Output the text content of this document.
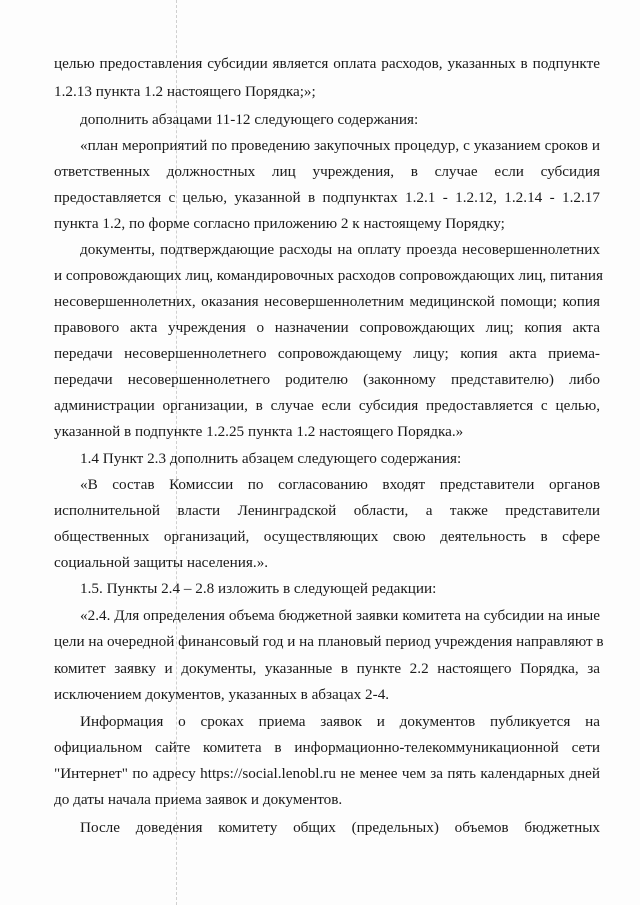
целью предоставления субсидии является оплата расходов, указанных в подпункте
1.2.13 пункта 1.2 настоящего Порядка;»;
дополнить абзацами 11-12 следующего содержания:
«план мероприятий по проведению закупочных процедур, с указанием сроков и
ответственных должностных лиц учреждения, в случае если субсидия
предоставляется с целью, указанной в подпунктах 1.2.1 - 1.2.12, 1.2.14 - 1.2.17
пункта 1.2, по форме согласно приложению 2 к настоящему Порядку;
документы, подтверждающие расходы на оплату проезда несовершеннолетних
и сопровождающих лиц, командировочных расходов сопровождающих лиц, питания
несовершеннолетних, оказания несовершеннолетним медицинской помощи; копия
правового акта учреждения о назначении сопровождающих лиц; копия акта
передачи несовершеннолетнего сопровождающему лицу; копия акта приема-
передачи несовершеннолетнего родителю (законному представителю) либо
администрации организации, в случае если субсидия предоставляется с целью,
указанной в подпункте 1.2.25 пункта 1.2 настоящего Порядка.»
1.4 Пункт 2.3 дополнить абзацем следующего содержания:
«В состав Комиссии по согласованию входят представители органов
исполнительной власти Ленинградской области, а также представители
общественных организаций, осуществляющих свою деятельность в сфере
социальной защиты населения.».
1.5. Пункты 2.4 – 2.8 изложить в следующей редакции:
«2.4. Для определения объема бюджетной заявки комитета на субсидии на иные
цели на очередной финансовый год и на плановый период учреждения направляют в
комитет заявку и документы, указанные в пункте 2.2 настоящего Порядка, за
исключением документов, указанных в абзацах 2-4.
Информация о сроках приема заявок и документов публикуется на
официальном сайте комитета в информационно-телекоммуникационной сети
"Интернет" по адресу https://social.lenobl.ru не менее чем за пять календарных дней
до даты начала приема заявок и документов.
После доведения комитету общих (предельных) объемов бюджетных
